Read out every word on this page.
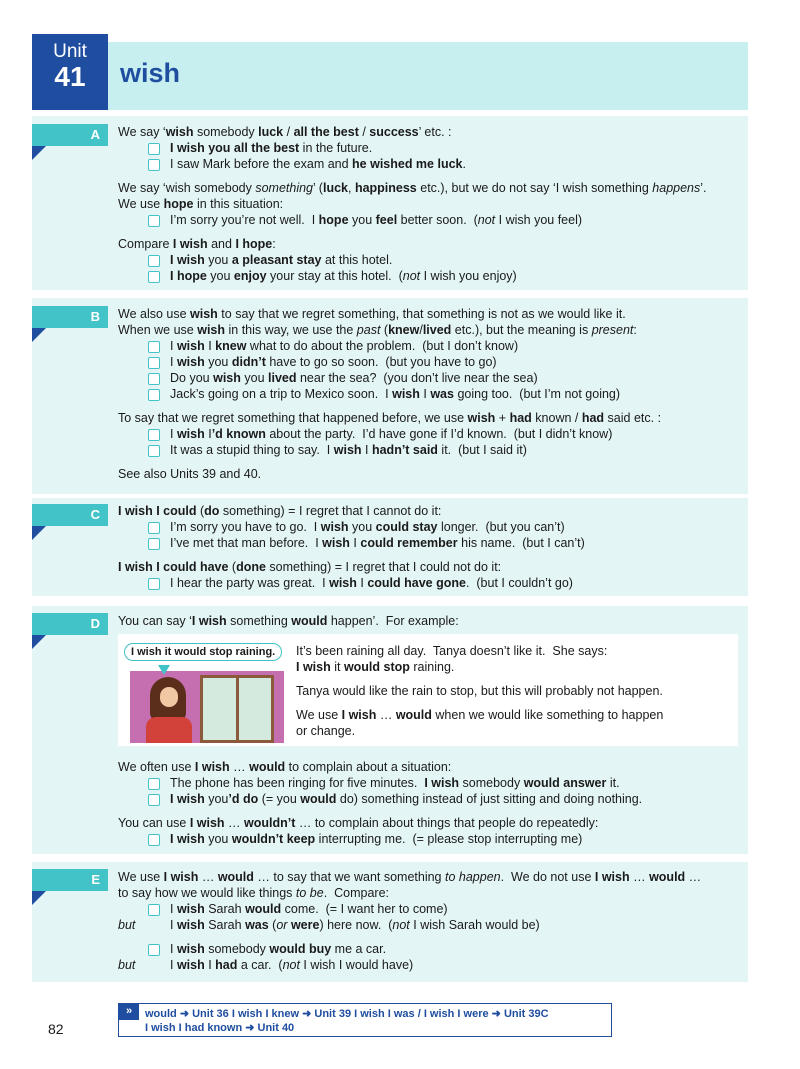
Unit
41	wish
A We say ‘wish somebody luck / all the best / success’ etc. :

I wish you all the best in the future.
I saw Mark before the exam and he wished me luck.

We say ‘wish somebody something’ (luck, happiness etc.), but we do not say ‘I wish something happens’.

We use hope in this situation:

I’m sorry you’re not well.  I hope you feel better soon.  (not I wish you feel)

Compare I wish and I hope:

I wish you a pleasant stay at this hotel.
I hope you enjoy your stay at this hotel.  (not I wish you enjoy)
B We also use wish to say that we regret something, that something is not as we would like it.

When we use wish in this way, we use the past (knew/lived etc.), but the meaning is present:

I wish I knew what to do about the problem.  (but I don’t know)
I wish you didn’t have to go so soon.  (but you have to go)
Do you wish you lived near the sea?  (you don’t live near the sea)
Jack’s going on a trip to Mexico soon.  I wish I was going too.  (but I’m not going)

To say that we regret something that happened before, we use wish + had known / had said etc. :

I wish I’d known about the party.  I’d have gone if I’d known.  (but I didn’t know)
It was a stupid thing to say.  I wish I hadn’t said it.  (but I said it)

See also Units 39 and 40.

C I wish I could (do something) = I regret that I cannot do it:

I’m sorry you have to go.  I wish you could stay longer.  (but you can’t)
I’ve met that man before.  I wish I could remember his name.  (but I can’t)

I wish I could have (done something) = I regret that I could not do it:

I hear the party was great.  I wish I could have gone.  (but I couldn’t go)
D You can say ‘I wish something would happen’.  For example:

I wish it would stop raining.	It’s been raining all day.  Tanya doesn’t like it.  She says:

I wish it would stop raining.

Tanya would like the rain to stop, but this will probably not happen.

We use I wish … would when we would like something to happen

or change.

We often use I wish … would to complain about a situation:

The phone has been ringing for five minutes.  I wish somebody would answer it.
I wish you’d do (= you would do) something instead of just sitting and doing nothing.

You can use I wish … wouldn’t … to complain about things that people do repeatedly:

I wish you wouldn’t keep interrupting me.  (= please stop interrupting me)
E We use I wish … would … to say that we want something to happen.  We do not use I wish … would …

to say how we would like things to be.  Compare:

I wish Sarah would come.  (= I want her to come)
but	I wish Sarah was (or were) here now.  (not I wish Sarah would be)
I wish somebody would buy me a car.
but	I wish I had a car.  (not I wish I would have)
»	would ➜ Unit 36 I wish I knew ➜ Unit 39 I wish I was / I wish I were ➜ Unit 39C
I wish I had known ➜ Unit 40
82
